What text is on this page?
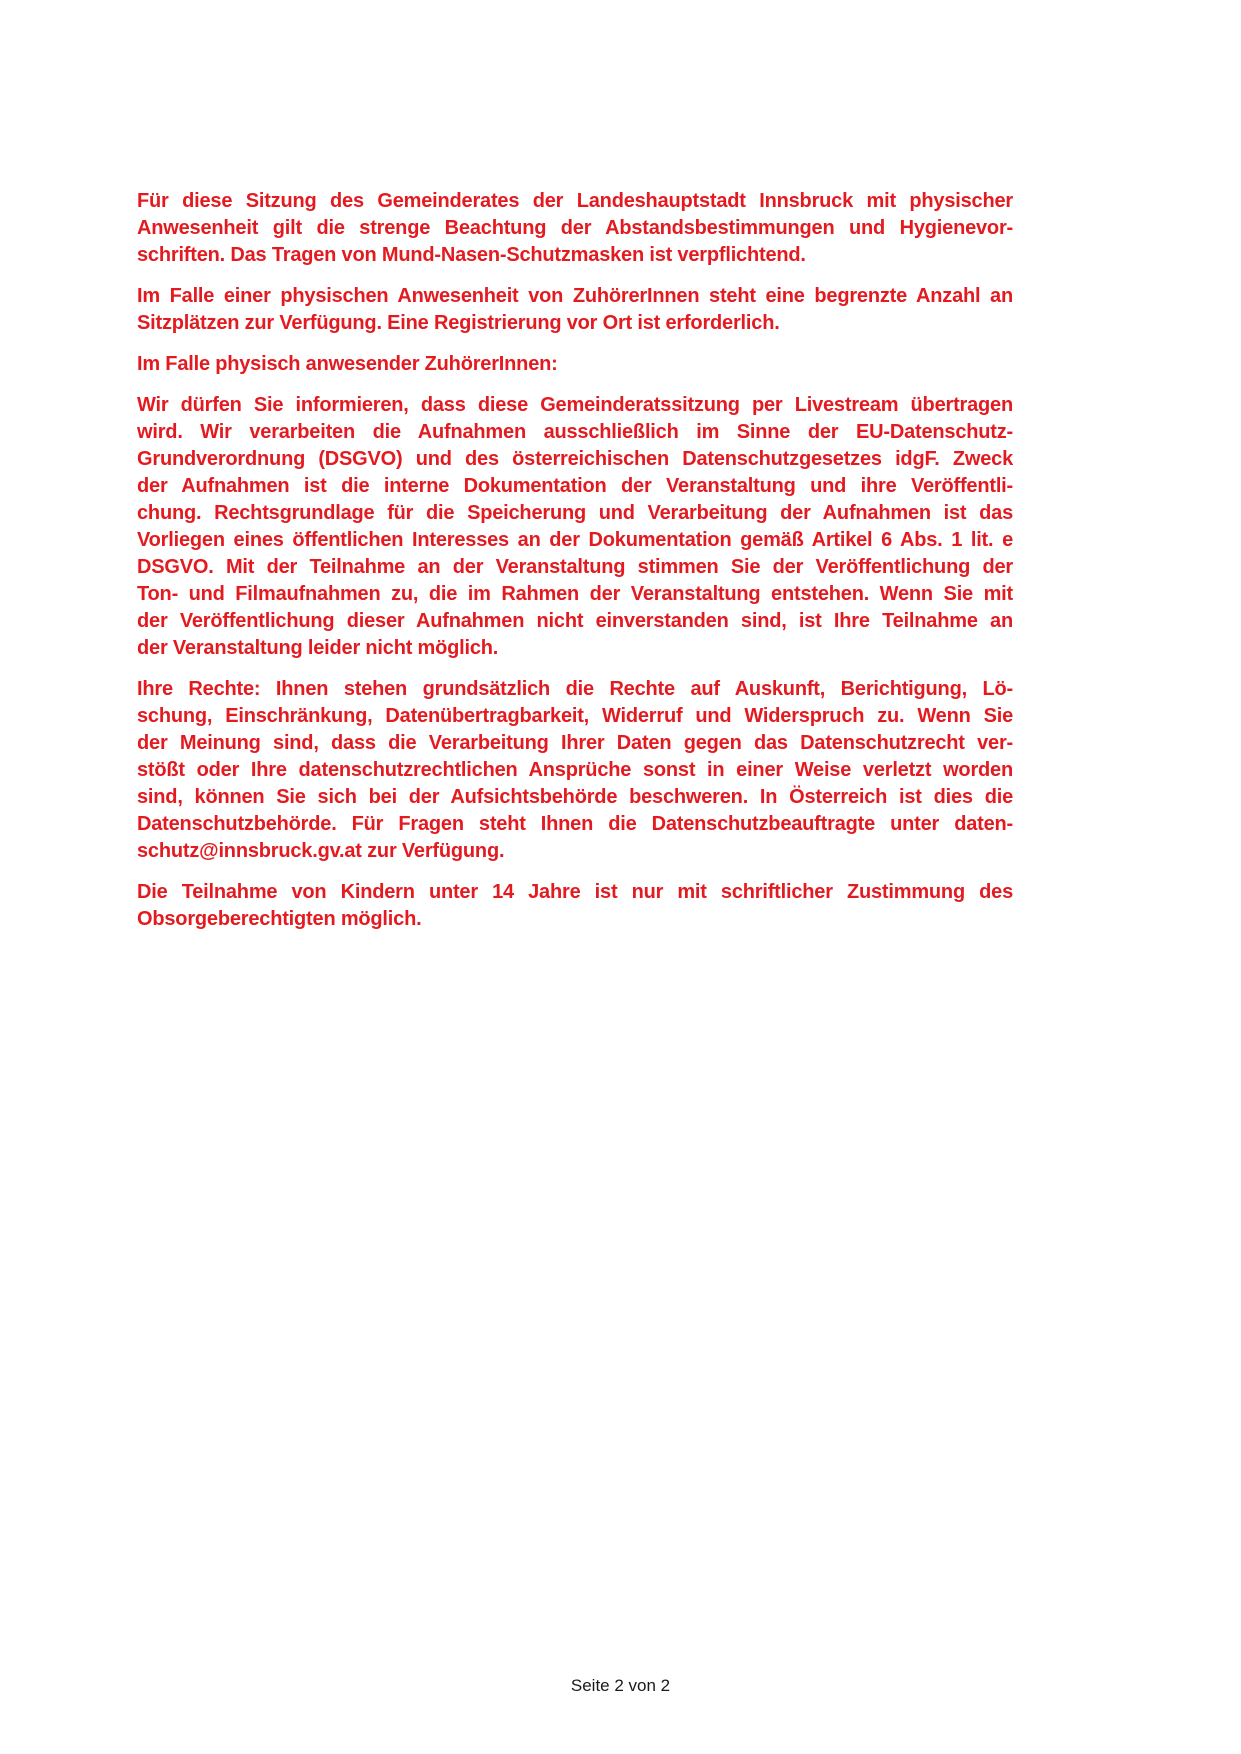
Für diese Sitzung des Gemeinderates der Landeshauptstadt Innsbruck mit physischer
Anwesenheit gilt die strenge Beachtung der Abstandsbestimmungen und Hygienevor-
schriften. Das Tragen von Mund-Nasen-Schutzmasken ist verpflichtend.
Im Falle einer physischen Anwesenheit von ZuhörerInnen steht eine begrenzte Anzahl an
Sitzplätzen zur Verfügung. Eine Registrierung vor Ort ist erforderlich.
Im Falle physisch anwesender ZuhörerInnen:
Wir dürfen Sie informieren, dass diese Gemeinderatssitzung per Livestream übertragen
wird. Wir verarbeiten die Aufnahmen ausschließlich im Sinne der EU-Datenschutz-
Grundverordnung (DSGVO) und des österreichischen Datenschutzgesetzes idgF. Zweck
der Aufnahmen ist die interne Dokumentation der Veranstaltung und ihre Veröffentli-
chung. Rechtsgrundlage für die Speicherung und Verarbeitung der Aufnahmen ist das
Vorliegen eines öffentlichen Interesses an der Dokumentation gemäß Artikel 6 Abs. 1 lit. e
DSGVO. Mit der Teilnahme an der Veranstaltung stimmen Sie der Veröffentlichung der
Ton- und Filmaufnahmen zu, die im Rahmen der Veranstaltung entstehen. Wenn Sie mit
der Veröffentlichung dieser Aufnahmen nicht einverstanden sind, ist Ihre Teilnahme an
der Veranstaltung leider nicht möglich.
Ihre Rechte: Ihnen stehen grundsätzlich die Rechte auf Auskunft, Berichtigung, Lö-
schung, Einschränkung, Datenübertragbarkeit, Widerruf und Widerspruch zu. Wenn Sie
der Meinung sind, dass die Verarbeitung Ihrer Daten gegen das Datenschutzrecht ver-
stößt oder Ihre datenschutzrechtlichen Ansprüche sonst in einer Weise verletzt worden
sind, können Sie sich bei der Aufsichtsbehörde beschweren. In Österreich ist dies die
Datenschutzbehörde. Für Fragen steht Ihnen die Datenschutzbeauftragte unter daten-
schutz@innsbruck.gv.at zur Verfügung.
Die Teilnahme von Kindern unter 14 Jahre ist nur mit schriftlicher Zustimmung des
Obsorgeberechtigten möglich.
Seite 2 von 2
